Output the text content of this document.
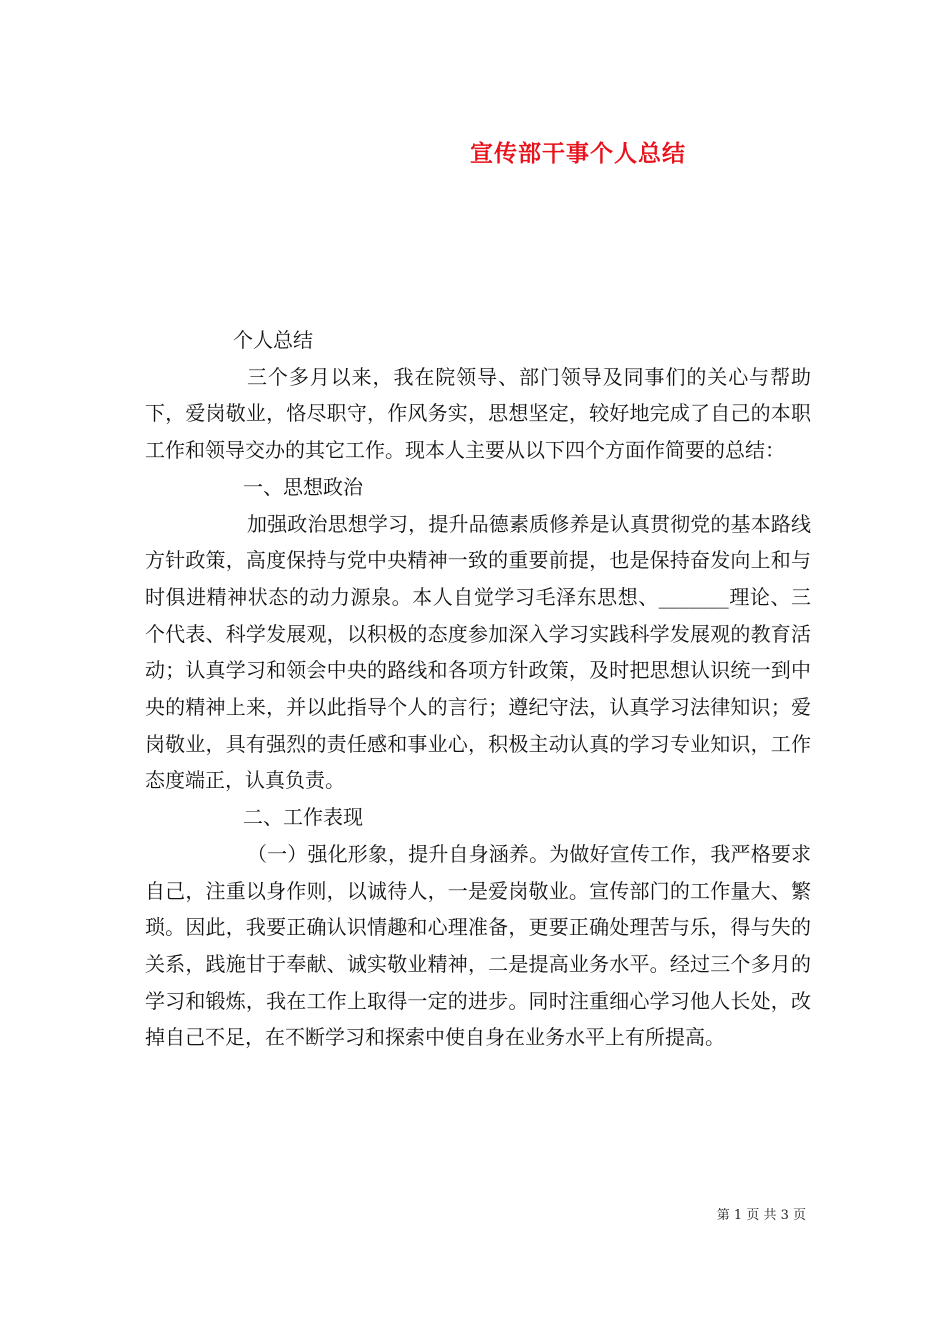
宣传部干事个人总结

个人总结

三个多月以来，我在院领导、部门领导及同事们的关心与帮助下，爱岗敬业，恪尽职守，作风务实，思想坚定，较好地完成了自己的本职工作和领导交办的其它工作。现本人主要从以下四个方面作简要的总结：

一、思想政治

加强政治思想学习，提升品德素质修养是认真贯彻党的基本路线方针政策，高度保持与党中央精神一致的重要前提，也是保持奋发向上和与时俱进精神状态的动力源泉。本人自觉学习毛泽东思想、_______理论、三个代表、科学发展观，以积极的态度参加深入学习实践科学发展观的教育活动；认真学习和领会中央的路线和各项方针政策，及时把思想认识统一到中央的精神上来，并以此指导个人的言行；遵纪守法，认真学习法律知识；爱岗敬业，具有强烈的责任感和事业心，积极主动认真的学习专业知识，工作态度端正，认真负责。

二、工作表现

（一）强化形象，提升自身涵养。为做好宣传工作，我严格要求自己，注重以身作则，以诚待人，一是爱岗敬业。宣传部门的工作量大、繁琐。因此，我要正确认识情趣和心理准备，更要正确处理苦与乐，得与失的关系，践施甘于奉献、诚实敬业精神，二是提高业务水平。经过三个多月的学习和锻炼，我在工作上取得一定的进步。同时注重细心学习他人长处，改掉自己不足，在不断学习和探索中使自身在业务水平上有所提高。

第 1 页 共 3 页
